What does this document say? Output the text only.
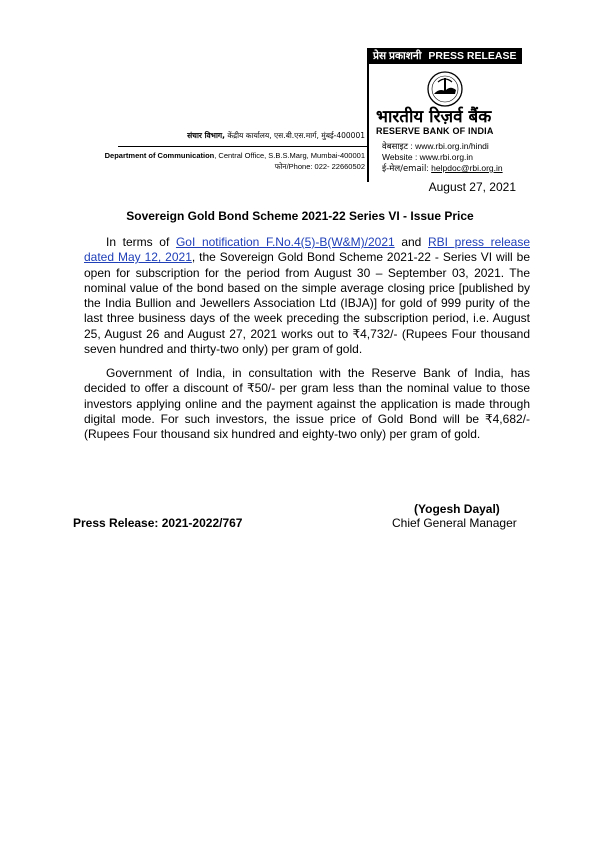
प्रेस प्रकाशनी PRESS RELEASE
भारतीय रिज़र्व बैंक
RESERVE BANK OF INDIA
वेबसाइट : www.rbi.org.in/hindi
Website : www.rbi.org.in
ई-मेल/email: helpdoc@rbi.org.in
संचार विभाग, केंद्रीय कार्यालय, एस.बी.एस.मार्ग, मुंबई-400001
Department of Communication, Central Office, S.B.S.Marg, Mumbai-400001
फोन/Phone: 022- 22660502
August 27, 2021
Sovereign Gold Bond Scheme 2021-22 Series VI - Issue Price
In terms of GoI notification F.No.4(5)-B(W&M)/2021 and RBI press release dated May 12, 2021, the Sovereign Gold Bond Scheme 2021-22 - Series VI will be open for subscription for the period from August 30 – September 03, 2021. The nominal value of the bond based on the simple average closing price [published by the India Bullion and Jewellers Association Ltd (IBJA)] for gold of 999 purity of the last three business days of the week preceding the subscription period, i.e. August 25, August 26 and August 27, 2021 works out to ₹4,732/- (Rupees Four thousand seven hundred and thirty-two only) per gram of gold.
Government of India, in consultation with the Reserve Bank of India, has decided to offer a discount of ₹50/- per gram less than the nominal value to those investors applying online and the payment against the application is made through digital mode. For such investors, the issue price of Gold Bond will be ₹4,682/- (Rupees Four thousand six hundred and eighty-two only) per gram of gold.
(Yogesh Dayal)
Press Release: 2021-2022/767	Chief General Manager
